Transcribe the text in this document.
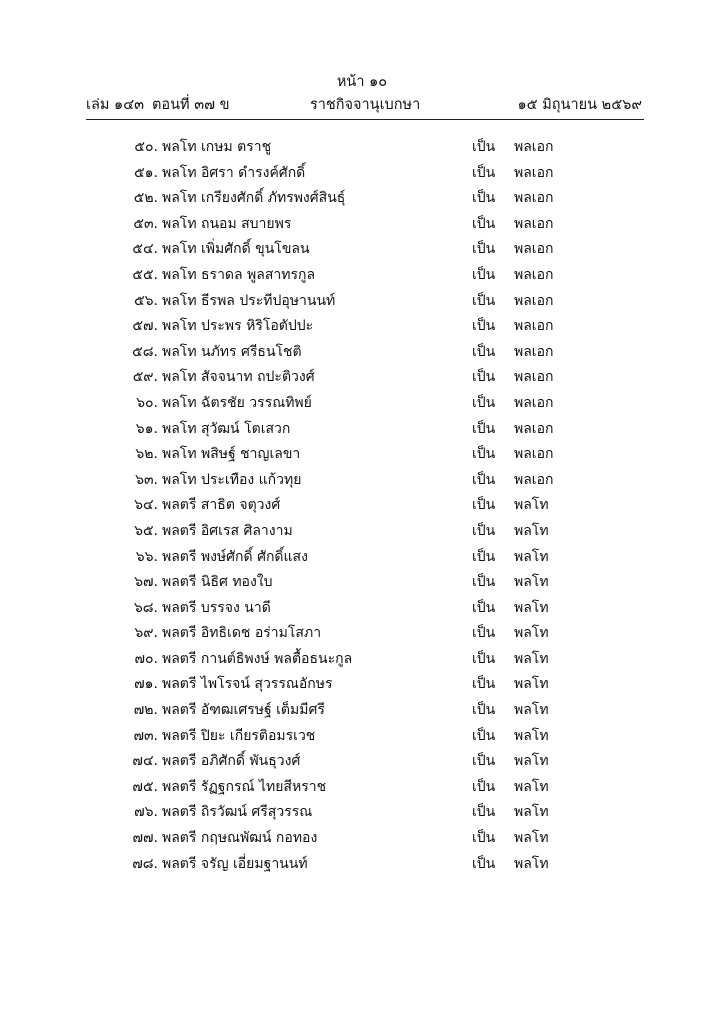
หน้า ๑๐
เล่ม ๑๔๓ ตอนที่ ๓๗ ข	ราชกิจจานุเบกษา	๑๕ มิถุนายน ๒๕๖๙
๕๐. พลโท เกษม ตราชู	เป็น พลเอก
๕๑. พลโท อิศรา ดำรงค์ศักดิ์	เป็น พลเอก
๕๒. พลโท เกรียงศักดิ์ ภัทรพงศ์สินธุ์	เป็น พลเอก
๕๓. พลโท ถนอม สบายพร	เป็น พลเอก
๕๔. พลโท เพิ่มศักดิ์ ขุนโขลน	เป็น พลเอก
๕๕. พลโท ธราดล พูลสาทรกูล	เป็น พลเอก
๕๖. พลโท ธีรพล ประทีปอุษานนท์	เป็น พลเอก
๕๗. พลโท ประพร หิริโอตัปปะ	เป็น พลเอก
๕๘. พลโท นภัทร ศรีธนโชติ	เป็น พลเอก
๕๙. พลโท สัจจนาท ถปะติวงศ์	เป็น พลเอก
๖๐. พลโท ฉัตรชัย วรรณทิพย์	เป็น พลเอก
๖๑. พลโท สุวัฒน์ โตเสวก	เป็น พลเอก
๖๒. พลโท พสิษฐ์ ชาญเลขา	เป็น พลเอก
๖๓. พลโท ประเทือง แก้วทุย	เป็น พลเอก
๖๔. พลตรี สาธิต จตุวงศ์	เป็น พลโท
๖๕. พลตรี อิศเรส ศิลางาม	เป็น พลโท
๖๖. พลตรี พงษ์ศักดิ์ ศักดิ์แสง	เป็น พลโท
๖๗. พลตรี นิธิศ ทองใบ	เป็น พลโท
๖๘. พลตรี บรรจง นาดี	เป็น พลโท
๖๙. พลตรี อิทธิเดช อร่ามโสภา	เป็น พลโท
๗๐. พลตรี กานต์ธิพงษ์ พลตื้อธนะกูล	เป็น พลโท
๗๑. พลตรี ไพโรจน์ สุวรรณอักษร	เป็น พลโท
๗๒. พลตรี อัฑฒเศรษฐ์ เต็มมีศรี	เป็น พลโท
๗๓. พลตรี ปิยะ เกียรติอมรเวช	เป็น พลโท
๗๔. พลตรี อภิศักดิ์ พันธุวงศ์	เป็น พลโท
๗๕. พลตรี รัฏฐกรณ์ ไทยสีหราช	เป็น พลโท
๗๖. พลตรี ถิรวัฒน์ ศรีสุวรรณ	เป็น พลโท
๗๗. พลตรี กฤษณพัฒน์ กอทอง	เป็น พลโท
๗๘. พลตรี จรัญ เอี่ยมฐานนท์	เป็น พลโท
